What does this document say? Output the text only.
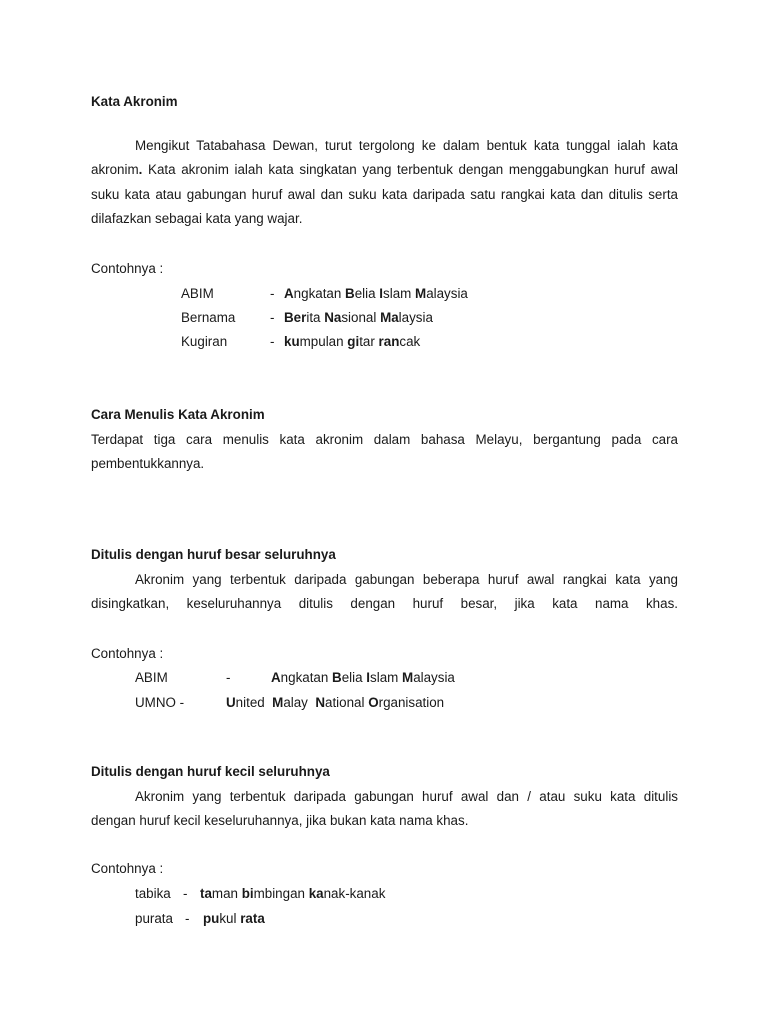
Kata Akronim
Mengikut Tatabahasa Dewan, turut tergolong ke dalam bentuk kata tunggal ialah kata
akronim. Kata akronim ialah kata singkatan yang terbentuk dengan menggabungkan huruf awal
suku kata atau gabungan huruf awal dan suku kata daripada satu rangkai kata dan ditulis serta
dilafazkan sebagai kata yang wajar.
Contohnya :
ABIM	- Angkatan Belia Islam Malaysia
Bernama	- Berita Nasional Malaysia
Kugiran	- kumpulan gitar rancak
Cara Menulis Kata Akronim
Terdapat tiga cara menulis kata akronim dalam bahasa Melayu, bergantung pada cara
pembentukkannya.
Ditulis dengan huruf besar seluruhnya
Akronim yang terbentuk daripada gabungan beberapa huruf awal rangkai kata yang
disingkatkan, keseluruhannya ditulis dengan huruf besar, jika kata nama khas.
Contohnya :
ABIM	-	Angkatan Belia Islam Malaysia
UMNO -	United  Malay  National Organisation
Ditulis dengan huruf kecil seluruhnya
Akronim yang terbentuk daripada gabungan huruf awal dan / atau suku kata ditulis
dengan huruf kecil keseluruhannya, jika bukan kata nama khas.
Contohnya :
tabika - taman bimbingan kanak-kanak
purata - pukul rata
